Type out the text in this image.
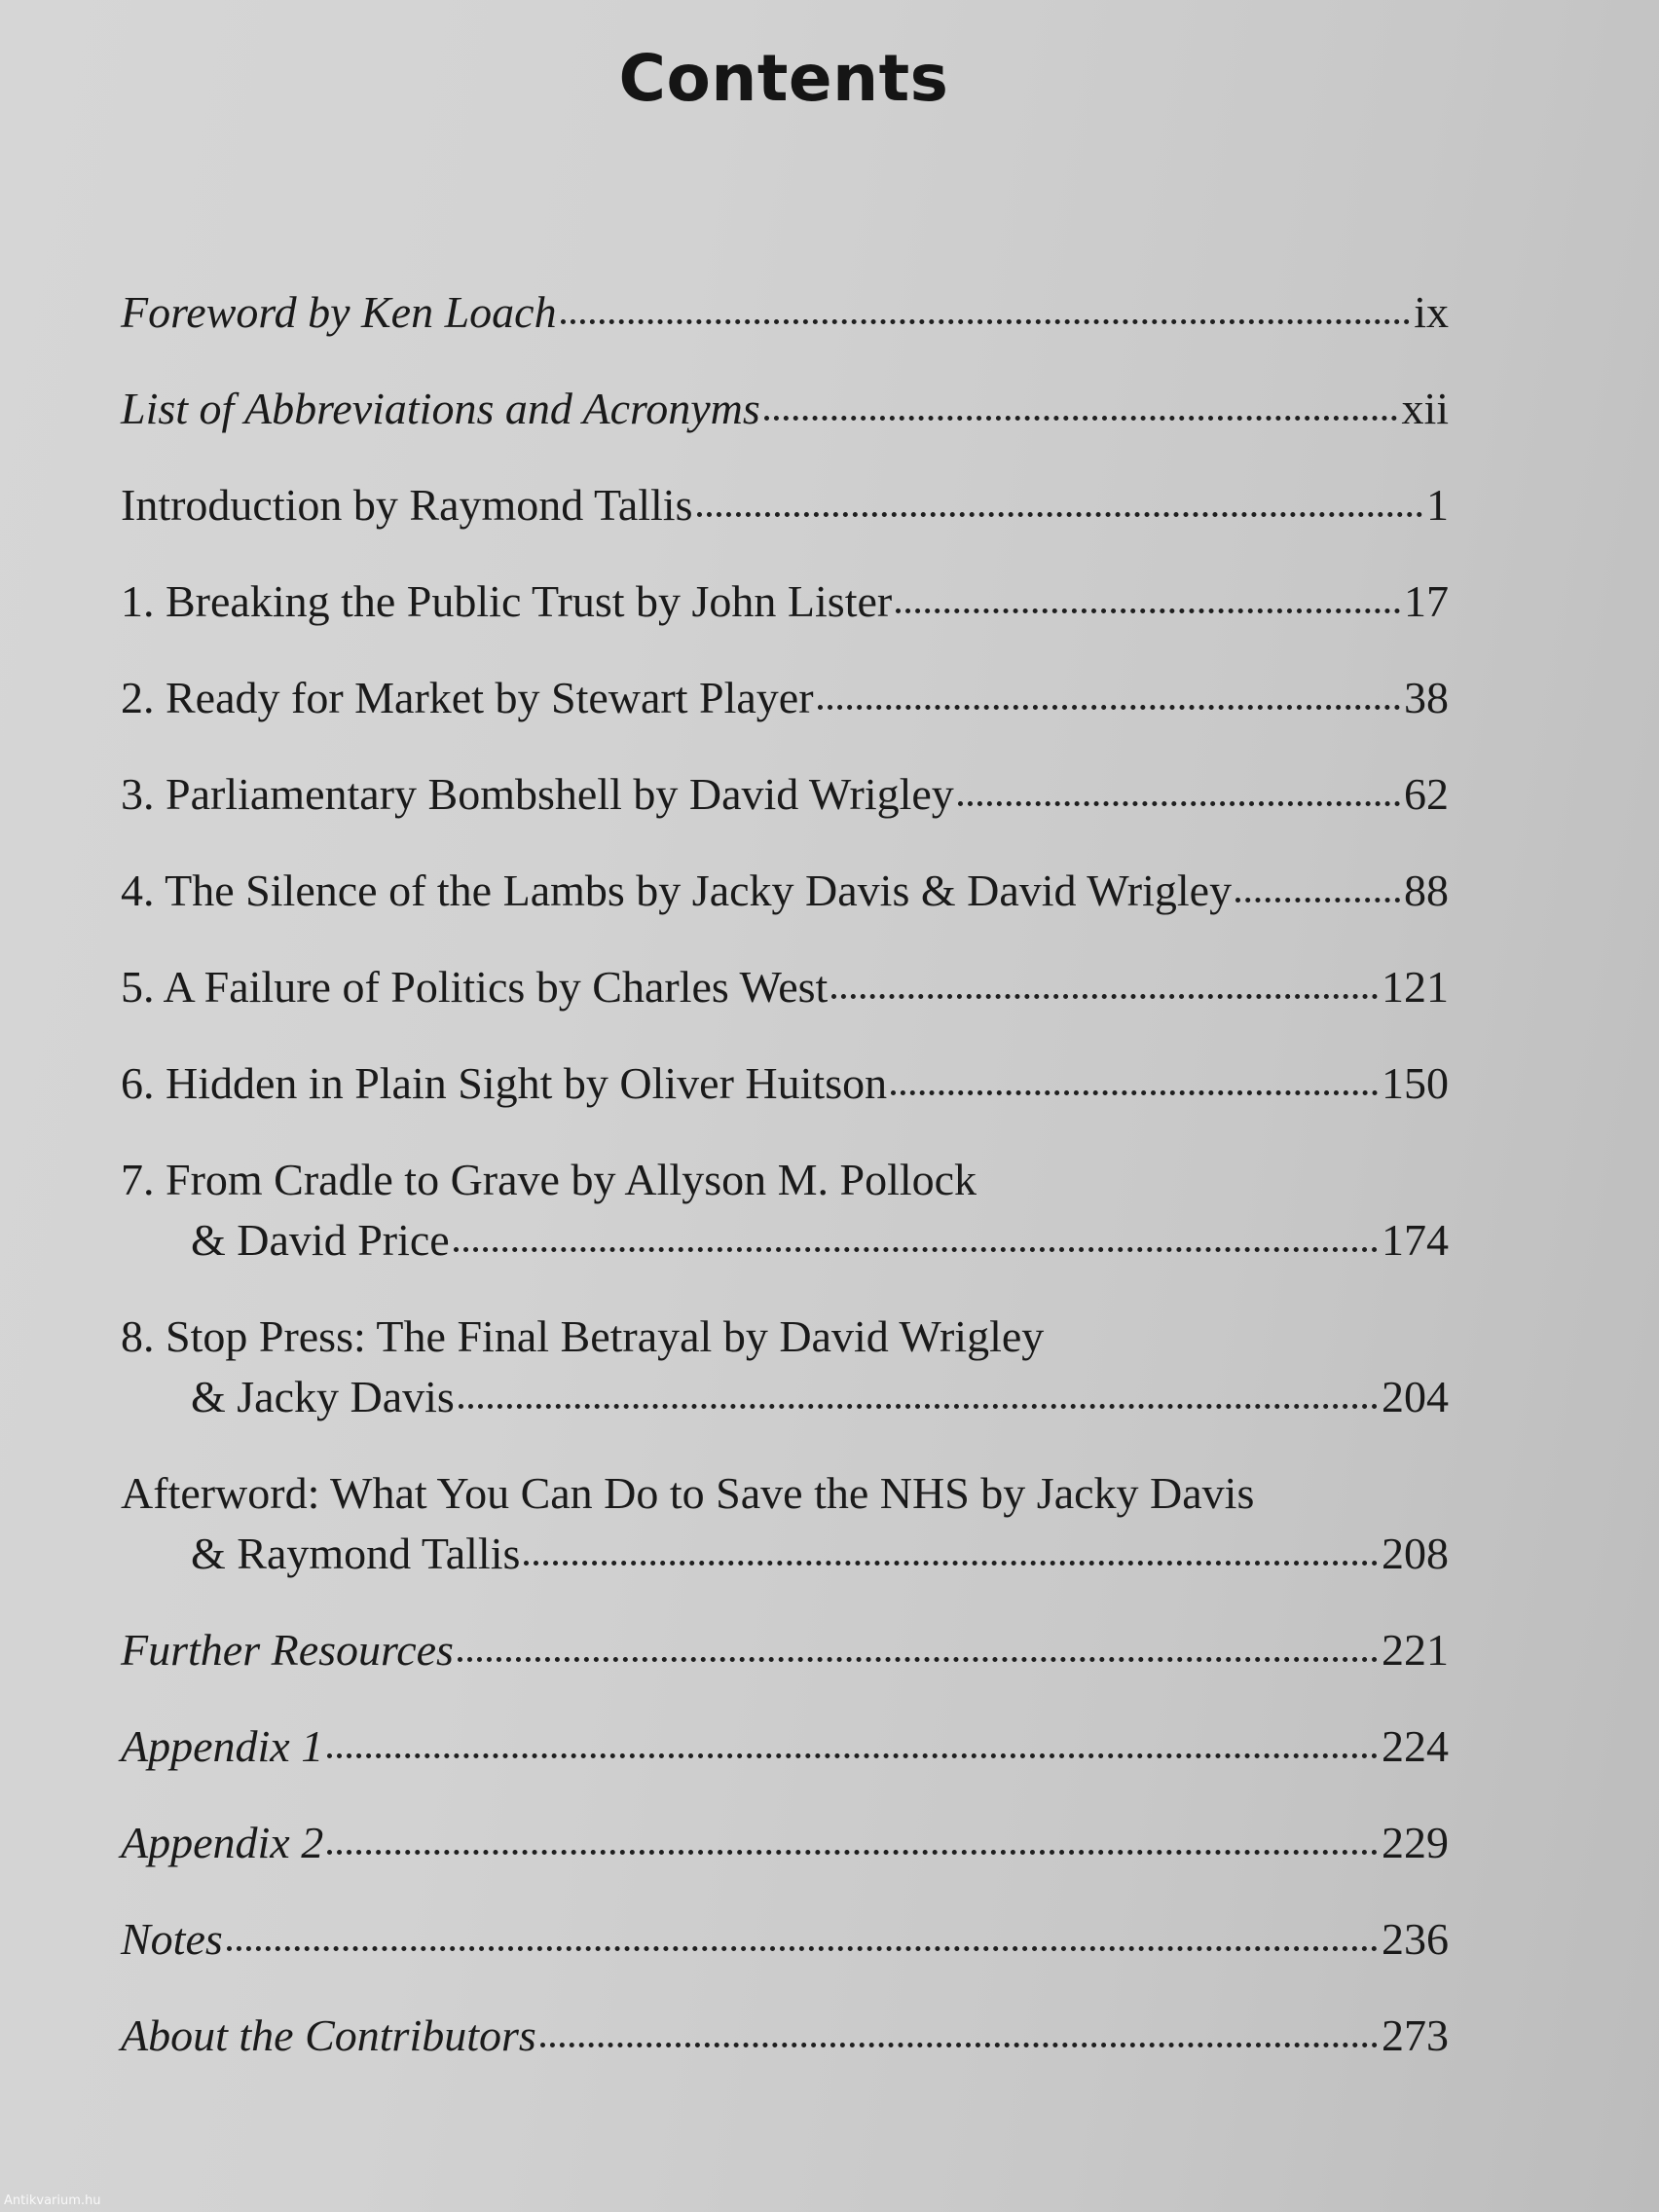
Contents
Foreword by Ken Loach	ix
List of Abbreviations and Acronyms	xii
Introduction by Raymond Tallis	1
1. Breaking the Public Trust by John Lister	17
2. Ready for Market by Stewart Player	38
3. Parliamentary Bombshell by David Wrigley	62
4. The Silence of the Lambs by Jacky Davis & David Wrigley	88
5. A Failure of Politics by Charles West	121
6. Hidden in Plain Sight by Oliver Huitson	150
7. From Cradle to Grave by Allyson M. Pollock
& David Price	174
8. Stop Press: The Final Betrayal by David Wrigley
& Jacky Davis	204
Afterword: What You Can Do to Save the NHS by Jacky Davis
& Raymond Tallis	208
Further Resources	221
Appendix 1	224
Appendix 2	229
Notes	236
About the Contributors	273
Antikvarium.hu
